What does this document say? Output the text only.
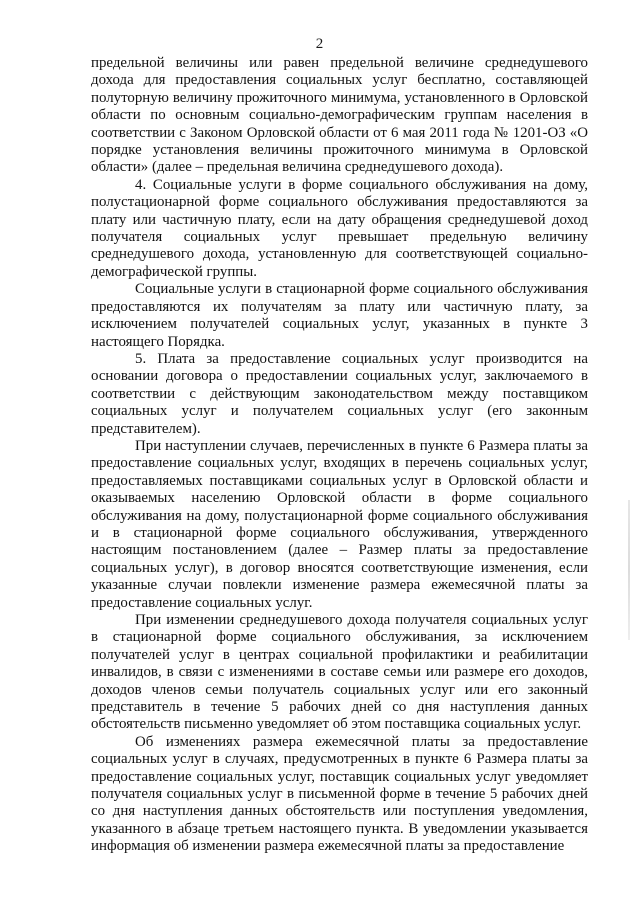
2

предельной величины или равен предельной величине среднедушевого дохода для предоставления социальных услуг бесплатно, составляющей полуторную величину прожиточного минимума, установленного в Орловской области по основным социально-демографическим группам населения в соответствии с Законом Орловской области от 6 мая 2011 года № 1201-ОЗ «О порядке установления величины прожиточного минимума в Орловской области» (далее – предельная величина среднедушевого дохода).

4. Социальные услуги в форме социального обслуживания на дому, полустационарной форме социального обслуживания предоставляются за плату или частичную плату, если на дату обращения среднедушевой доход получателя социальных услуг превышает предельную величину среднедушевого дохода, установленную для соответствующей социально-демографической группы.

Социальные услуги в стационарной форме социального обслуживания предоставляются их получателям за плату или частичную плату, за исключением получателей социальных услуг, указанных в пункте 3 настоящего Порядка.

5. Плата за предоставление социальных услуг производится на основании договора о предоставлении социальных услуг, заключаемого в соответствии с действующим законодательством между поставщиком социальных услуг и получателем социальных услуг (его законным представителем).

При наступлении случаев, перечисленных в пункте 6 Размера платы за предоставление социальных услуг, входящих в перечень социальных услуг, предоставляемых поставщиками социальных услуг в Орловской области и оказываемых населению Орловской области в форме социального обслуживания на дому, полустационарной форме социального обслуживания и в стационарной форме социального обслуживания, утвержденного настоящим постановлением (далее – Размер платы за предоставление социальных услуг), в договор вносятся соответствующие изменения, если указанные случаи повлекли изменение размера ежемесячной платы за предоставление социальных услуг.

При изменении среднедушевого дохода получателя социальных услуг в стационарной форме социального обслуживания, за исключением получателей услуг в центрах социальной профилактики и реабилитации инвалидов, в связи с изменениями в составе семьи или размере его доходов, доходов членов семьи получатель социальных услуг или его законный представитель в течение 5 рабочих дней со дня наступления данных обстоятельств письменно уведомляет об этом поставщика социальных услуг.

Об изменениях размера ежемесячной платы за предоставление социальных услуг в случаях, предусмотренных в пункте 6 Размера платы за предоставление социальных услуг, поставщик социальных услуг уведомляет получателя социальных услуг в письменной форме в течение 5 рабочих дней со дня наступления данных обстоятельств или поступления уведомления, указанного в абзаце третьем настоящего пункта. В уведомлении указывается информация об изменении размера ежемесячной платы за предоставление
